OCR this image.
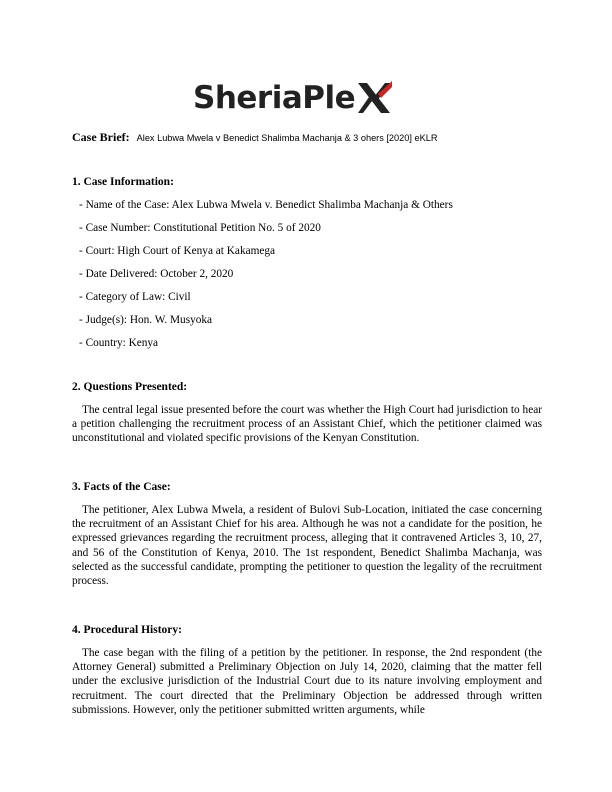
SheriaPle
Case Brief: Alex Lubwa Mwela v Benedict Shalimba Machanja & 3 ohers [2020] eKLR

1. Case Information:

- Name of the Case: Alex Lubwa Mwela v. Benedict Shalimba Machanja & Others
- Case Number: Constitutional Petition No. 5 of 2020
- Court: High Court of Kenya at Kakamega
- Date Delivered: October 2, 2020
- Category of Law: Civil
- Judge(s): Hon. W. Musyoka
- Country: Kenya

2. Questions Presented:

The central legal issue presented before the court was whether the High Court had jurisdiction to hear a petition challenging the recruitment process of an Assistant Chief, which the petitioner claimed was unconstitutional and violated specific provisions of the Kenyan Constitution.

3. Facts of the Case:

The petitioner, Alex Lubwa Mwela, a resident of Bulovi Sub-Location, initiated the case concerning the recruitment of an Assistant Chief for his area. Although he was not a candidate for the position, he expressed grievances regarding the recruitment process, alleging that it contravened Articles 3, 10, 27, and 56 of the Constitution of Kenya, 2010. The 1st respondent, Benedict Shalimba Machanja, was selected as the successful candidate, prompting the petitioner to question the legality of the recruitment process.

4. Procedural History:

The case began with the filing of a petition by the petitioner. In response, the 2nd respondent (the Attorney General) submitted a Preliminary Objection on July 14, 2020, claiming that the matter fell under the exclusive jurisdiction of the Industrial Court due to its nature involving employment and recruitment. The court directed that the Preliminary Objection be addressed through written submissions. However, only the petitioner submitted written arguments, while
